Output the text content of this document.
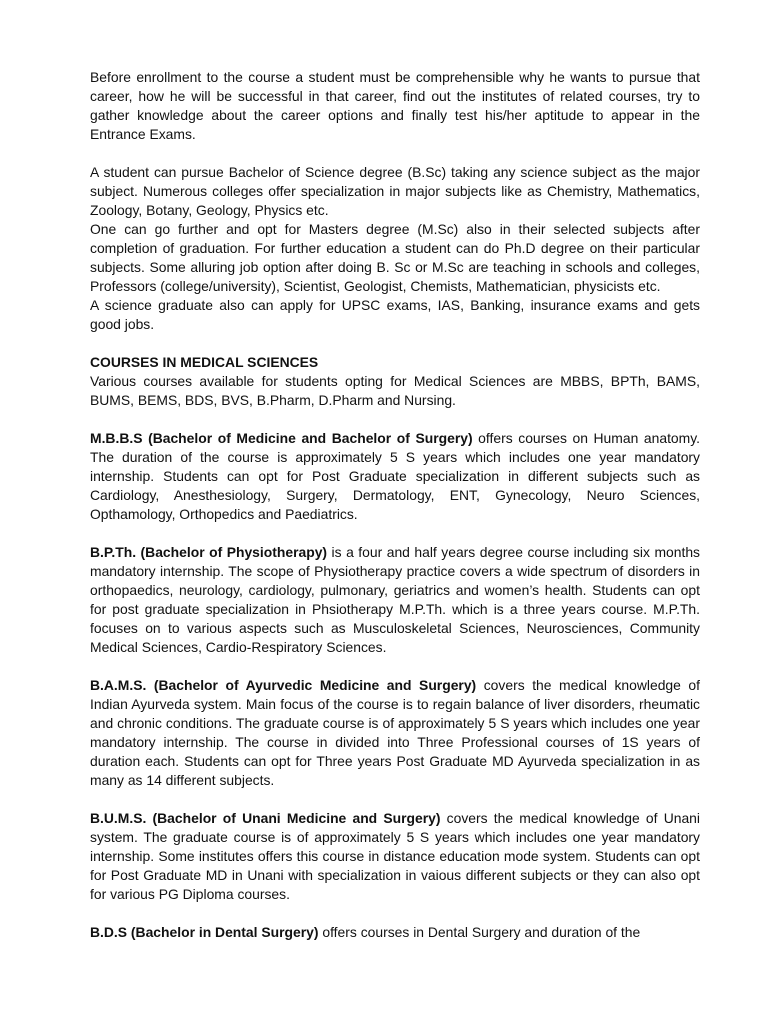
Before enrollment to the course a student must be comprehensible why he wants to pursue that career, how he will be successful in that career, find out the institutes of related courses, try to gather knowledge about the career options and finally test his/her aptitude to appear in the Entrance Exams.

A student can pursue Bachelor of Science degree (B.Sc) taking any science subject as the major subject. Numerous colleges offer specialization in major subjects like as Chemistry, Mathematics, Zoology, Botany, Geology, Physics etc.

One can go further and opt for Masters degree (M.Sc) also in their selected subjects after completion of graduation. For further education a student can do Ph.D degree on their particular subjects. Some alluring job option after doing B. Sc or M.Sc are teaching in schools and colleges, Professors (college/university), Scientist, Geologist, Chemists, Mathematician, physicists etc.

A science graduate also can apply for UPSC exams, IAS, Banking, insurance exams and gets good jobs.

COURSES IN MEDICAL SCIENCES

Various courses available for students opting for Medical Sciences are MBBS, BPTh, BAMS, BUMS, BEMS, BDS, BVS, B.Pharm, D.Pharm and Nursing.

M.B.B.S (Bachelor of Medicine and Bachelor of Surgery) offers courses on Human anatomy. The duration of the course is approximately 5 S years which includes one year mandatory internship. Students can opt for Post Graduate specialization in different subjects such as Cardiology, Anesthesiology, Surgery, Dermatology, ENT, Gynecology, Neuro Sciences, Opthamology, Orthopedics and Paediatrics.

B.P.Th. (Bachelor of Physiotherapy) is a four and half years degree course including six months mandatory internship. The scope of Physiotherapy practice covers a wide spectrum of disorders in orthopaedics, neurology, cardiology, pulmonary, geriatrics and women’s health. Students can opt for post graduate specialization in Phsiotherapy M.P.Th. which is a three years course. M.P.Th. focuses on to various aspects such as Musculoskeletal Sciences, Neurosciences, Community Medical Sciences, Cardio-Respiratory Sciences.

B.A.M.S. (Bachelor of Ayurvedic Medicine and Surgery) covers the medical knowledge of Indian Ayurveda system. Main focus of the course is to regain balance of liver disorders, rheumatic and chronic conditions. The graduate course is of approximately 5 S years which includes one year mandatory internship. The course in divided into Three Professional courses of 1S years of duration each. Students can opt for Three years Post Graduate MD Ayurveda specialization in as many as 14 different subjects.

B.U.M.S. (Bachelor of Unani Medicine and Surgery) covers the medical knowledge of Unani system. The graduate course is of approximately 5 S years which includes one year mandatory internship. Some institutes offers this course in distance education mode system. Students can opt for Post Graduate MD in Unani with specialization in vaious different subjects or they can also opt for various PG Diploma courses.

B.D.S (Bachelor in Dental Surgery) offers courses in Dental Surgery and duration of the
